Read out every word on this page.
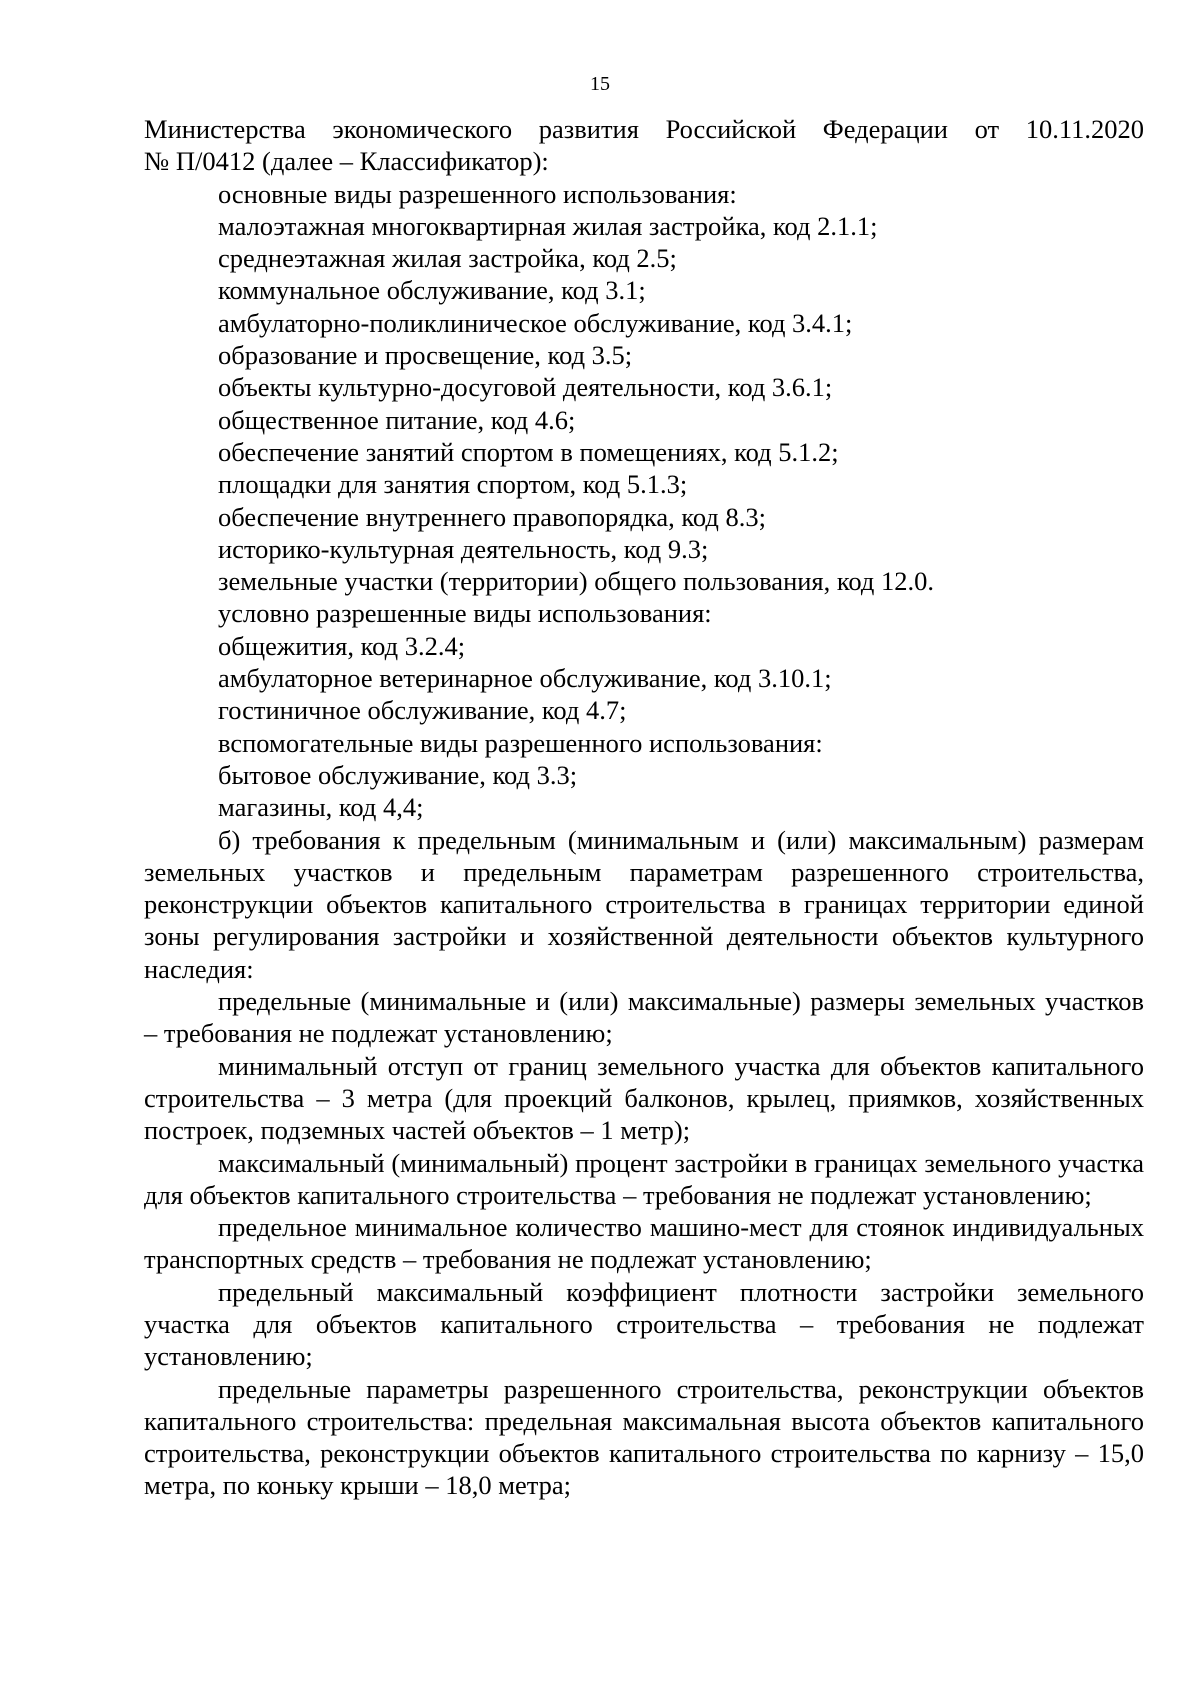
15

Министерства экономического развития Российской Федерации от 10.11.2020

№ П/0412 (далее – Классификатор):

основные виды разрешенного использования:

малоэтажная многоквартирная жилая застройка, код 2.1.1;

среднеэтажная жилая застройка, код 2.5;

коммунальное обслуживание, код 3.1;

амбулаторно-поликлиническое обслуживание, код 3.4.1;

образование и просвещение, код 3.5;

объекты культурно-досуговой деятельности, код 3.6.1;

общественное питание, код 4.6;

обеспечение занятий спортом в помещениях, код 5.1.2;

площадки для занятия спортом, код 5.1.3;

обеспечение внутреннего правопорядка, код 8.3;

историко-культурная деятельность, код 9.3;

земельные участки (территории) общего пользования, код 12.0.

условно разрешенные виды использования:

общежития, код 3.2.4;

амбулаторное ветеринарное обслуживание, код 3.10.1;

гостиничное обслуживание, код 4.7;

вспомогательные виды разрешенного использования:

бытовое обслуживание, код 3.3;

магазины, код 4,4;

б) требования к предельным (минимальным и (или) максимальным) размерам земельных участков и предельным параметрам разрешенного строительства, реконструкции объектов капитального строительства в границах территории единой зоны регулирования застройки и хозяйственной деятельности объектов культурного наследия:

предельные (минимальные и (или) максимальные) размеры земельных участков – требования не подлежат установлению;

минимальный отступ от границ земельного участка для объектов капитального строительства – 3 метра (для проекций балконов, крылец, приямков, хозяйственных построек, подземных частей объектов – 1 метр);

максимальный (минимальный) процент застройки в границах земельного участка для объектов капитального строительства – требования не подлежат установлению;

предельное минимальное количество машино-мест для стоянок индивидуальных транспортных средств – требования не подлежат установлению;

предельный максимальный коэффициент плотности застройки земельного участка для объектов капитального строительства – требования не подлежат установлению;

предельные параметры разрешенного строительства, реконструкции объектов капитального строительства: предельная максимальная высота объектов капитального строительства, реконструкции объектов капитального строительства по карнизу – 15,0 метра, по коньку крыши – 18,0 метра;
